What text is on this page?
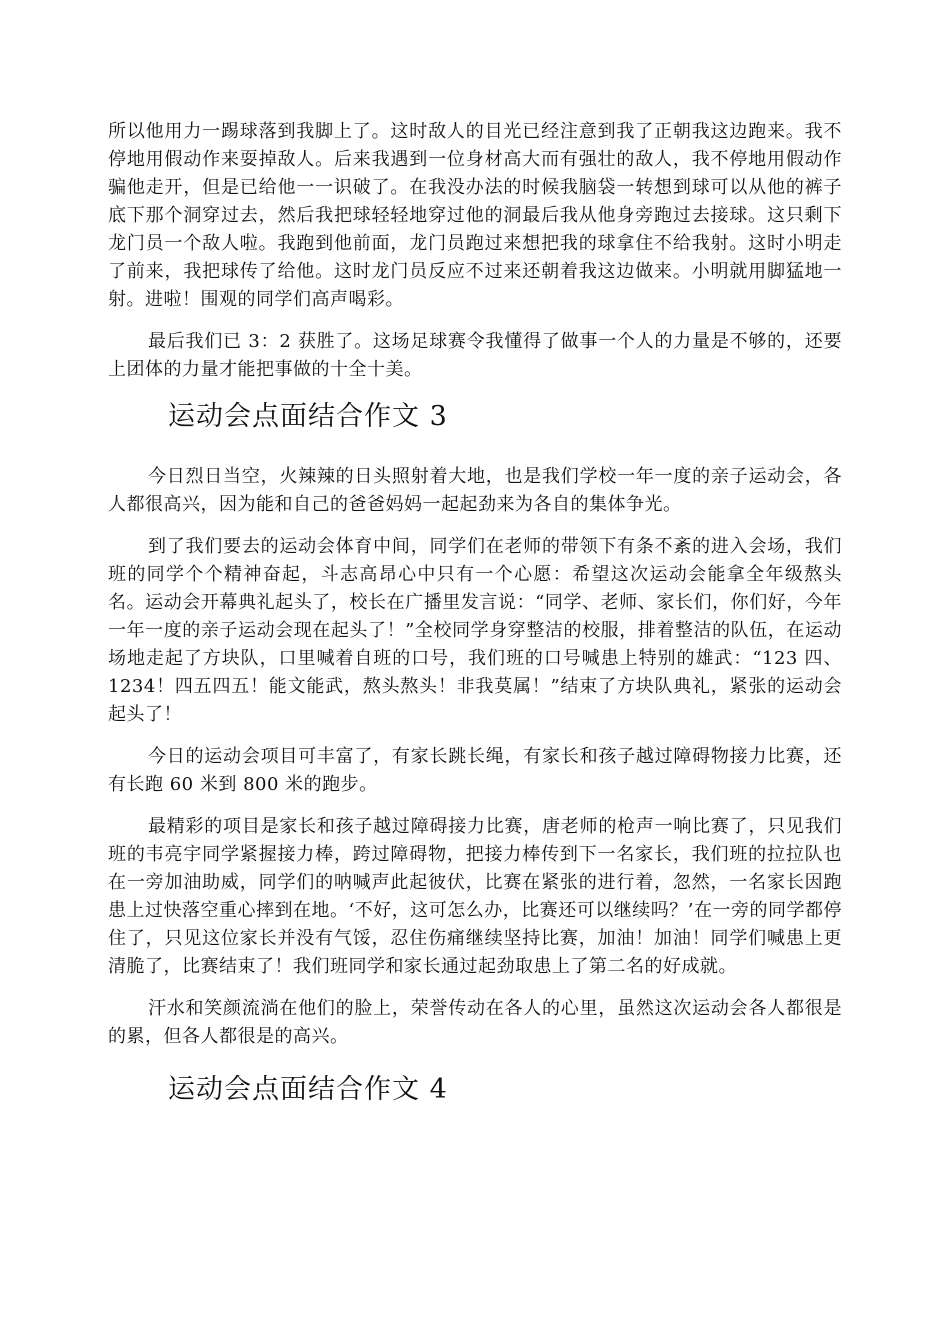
所以他用力一踢球落到我脚上了。这时敌人的目光已经注意到我了正朝我这边跑来。我不停地用假动作来耍掉敌人。后来我遇到一位身材高大而有强壮的敌人，我不停地用假动作骗他走开，但是已给他一一识破了。在我没办法的时候我脑袋一转想到球可以从他的裤子底下那个洞穿过去，然后我把球轻轻地穿过他的洞最后我从他身旁跑过去接球。这只剩下龙门员一个敌人啦。我跑到他前面，龙门员跑过来想把我的球拿住不给我射。这时小明走了前来，我把球传了给他。这时龙门员反应不过来还朝着我这边做来。小明就用脚猛地一射。进啦！围观的同学们高声喝彩。

最后我们已 3：2 获胜了。这场足球赛令我懂得了做事一个人的力量是不够的，还要上团体的力量才能把事做的十全十美。

运动会点面结合作文 3

今日烈日当空，火辣辣的日头照射着大地，也是我们学校一年一度的亲子运动会，各人都很高兴，因为能和自己的爸爸妈妈一起起劲来为各自的集体争光。

到了我们要去的运动会体育中间，同学们在老师的带领下有条不紊的进入会场，我们班的同学个个精神奋起，斗志高昂心中只有一个心愿：希望这次运动会能拿全年级熬头名。运动会开幕典礼起头了，校长在广播里发言说：“同学、老师、家长们，你们好，今年一年一度的亲子运动会现在起头了！”全校同学身穿整洁的校服，排着整洁的队伍，在运动场地走起了方块队，口里喊着自班的口号，我们班的口号喊患上特别的雄武：“123 四、1234！四五四五！能文能武，熬头熬头！非我莫属！”结束了方块队典礼，紧张的运动会起头了！

今日的运动会项目可丰富了，有家长跳长绳，有家长和孩子越过障碍物接力比赛，还有长跑 60 米到 800 米的跑步。

最精彩的项目是家长和孩子越过障碍接力比赛，唐老师的枪声一响比赛了，只见我们班的韦亮宇同学紧握接力棒，跨过障碍物，把接力棒传到下一名家长，我们班的拉拉队也在一旁加油助威，同学们的呐喊声此起彼伏，比赛在紧张的进行着，忽然，一名家长因跑患上过快落空重心摔到在地。‘不好，这可怎么办，比赛还可以继续吗？’在一旁的同学都停住了，只见这位家长并没有气馁，忍住伤痛继续坚持比赛，加油！加油！同学们喊患上更清脆了，比赛结束了！我们班同学和家长通过起劲取患上了第二名的好成就。

汗水和笑颜流淌在他们的脸上，荣誉传动在各人的心里，虽然这次运动会各人都很是的累，但各人都很是的高兴。

运动会点面结合作文 4
